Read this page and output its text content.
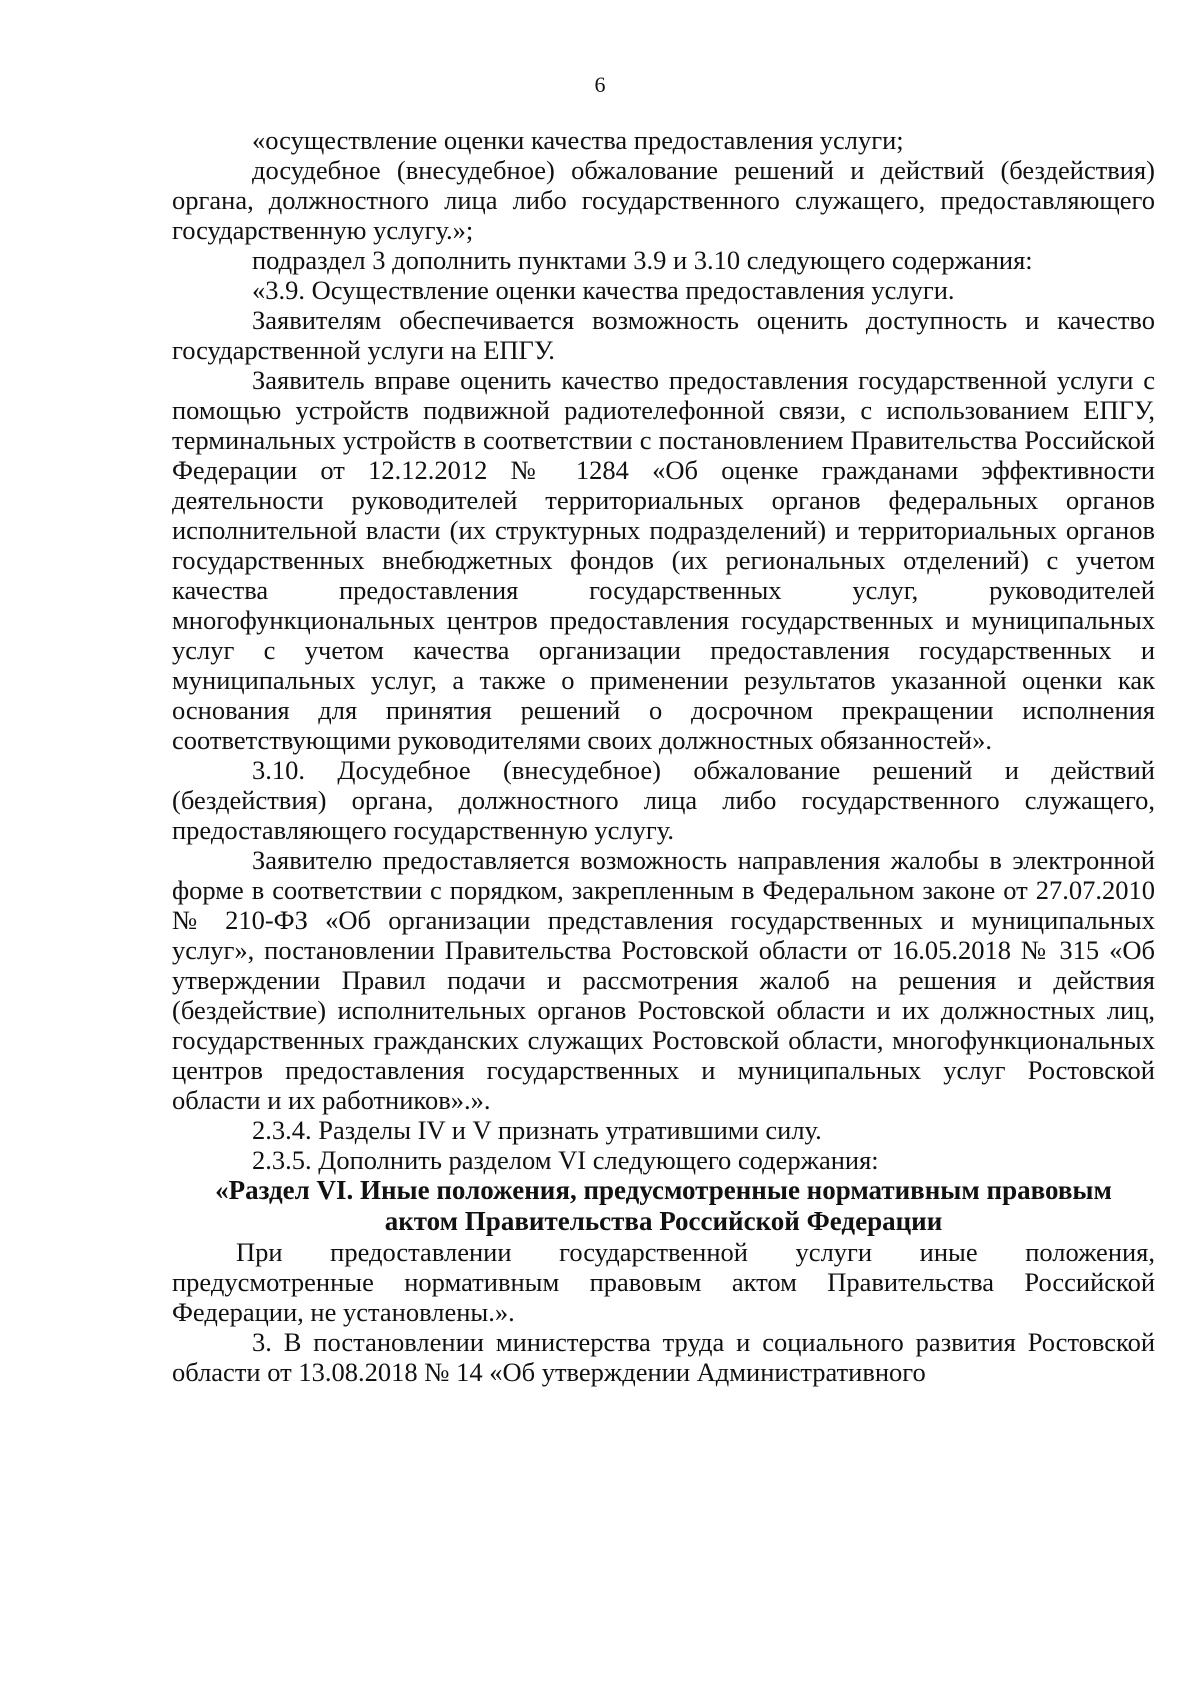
6

«осуществление оценки качества предоставления услуги;

досудебное (внесудебное) обжалование решений и действий (бездействия) органа, должностного лица либо государственного служащего, предоставляющего государственную услугу.»;

подраздел 3 дополнить пунктами 3.9 и 3.10 следующего содержания:

«3.9. Осуществление оценки качества предоставления услуги.

Заявителям обеспечивается возможность оценить доступность и качество государственной услуги на ЕПГУ.

Заявитель вправе оценить качество предоставления государственной услуги с помощью устройств подвижной радиотелефонной связи, с использованием ЕПГУ, терминальных устройств в соответствии с постановлением Правительства Российской Федерации от 12.12.2012 № 1284 «Об оценке гражданами эффективности деятельности руководителей территориальных органов федеральных органов исполнительной власти (их структурных подразделений) и территориальных органов государственных внебюджетных фондов (их региональных отделений) с учетом качества предоставления государственных услуг, руководителей многофункциональных центров предоставления государственных и муниципальных услуг с учетом качества организации предоставления государственных и муниципальных услуг, а также о применении результатов указанной оценки как основания для принятия решений о досрочном прекращении исполнения соответствующими руководителями своих должностных обязанностей».

3.10. Досудебное (внесудебное) обжалование решений и действий (бездействия) органа, должностного лица либо государственного служащего, предоставляющего государственную услугу.

Заявителю предоставляется возможность направления жалобы в электронной форме в соответствии с порядком, закрепленным в Федеральном законе от 27.07.2010 № 210-ФЗ «Об организации представления государственных и муниципальных услуг», постановлении Правительства Ростовской области от 16.05.2018 № 315 «Об утверждении Правил подачи и рассмотрения жалоб на решения и действия (бездействие) исполнительных органов Ростовской области и их должностных лиц, государственных гражданских служащих Ростовской области, многофункциональных центров предоставления государственных и муниципальных услуг Ростовской области и их работников».».

2.3.4. Разделы IV и V признать утратившими силу.

2.3.5. Дополнить разделом VI следующего содержания:

«Раздел VI. Иные положения, предусмотренные нормативным правовым

актом Правительства Российской Федерации

При предоставлении государственной услуги иные положения, предусмотренные нормативным правовым актом Правительства Российской Федерации, не установлены.».

3. В постановлении министерства труда и социального развития Ростовской области от 13.08.2018 № 14 «Об утверждении Административного
